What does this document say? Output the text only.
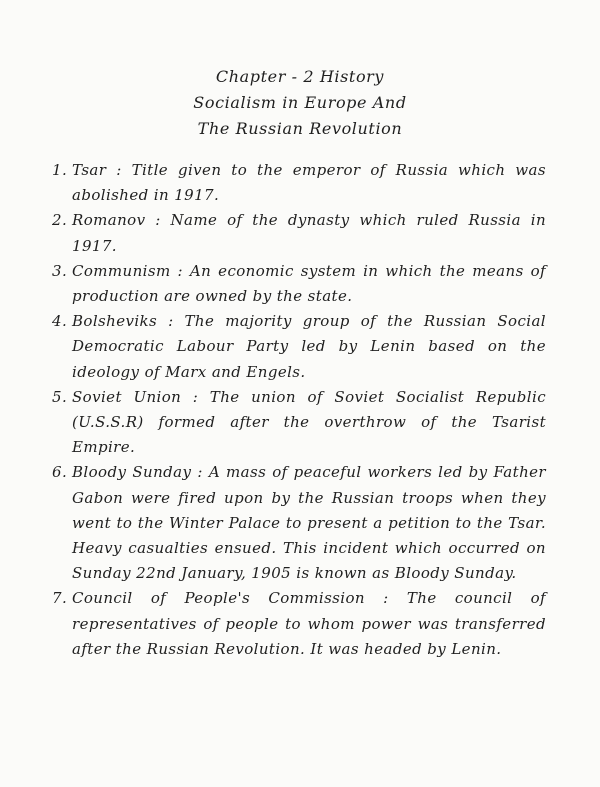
Chapter - 2 History
Socialism in Europe And
The Russian Revolution
1. Tsar : Title given to the emperor of Russia which was abolished in 1917.
2. Romanov : Name of the dynasty which ruled Russia in 1917.
3. Communism : An economic system in which the means of production are owned by the state.
4. Bolsheviks : The majority group of the Russian Social Democratic Labour Party led by Lenin based on the ideology of Marx and Engels.
5. Soviet Union : The union of Soviet Socialist Republic (U.S.S.R) formed after the overthrow of the Tsarist Empire.
6. Bloody Sunday : A mass of peaceful workers led by Father Gabon were fired upon by the Russian troops when they went to the Winter Palace to present a petition to the Tsar. Heavy casualties ensued. This incident which occurred on Sunday 22nd January, 1905 is known as Bloody Sunday.
7. Council of People's Commission : The council of representatives of people to whom power was transferred after the Russian Revolution. It was headed by Lenin.
